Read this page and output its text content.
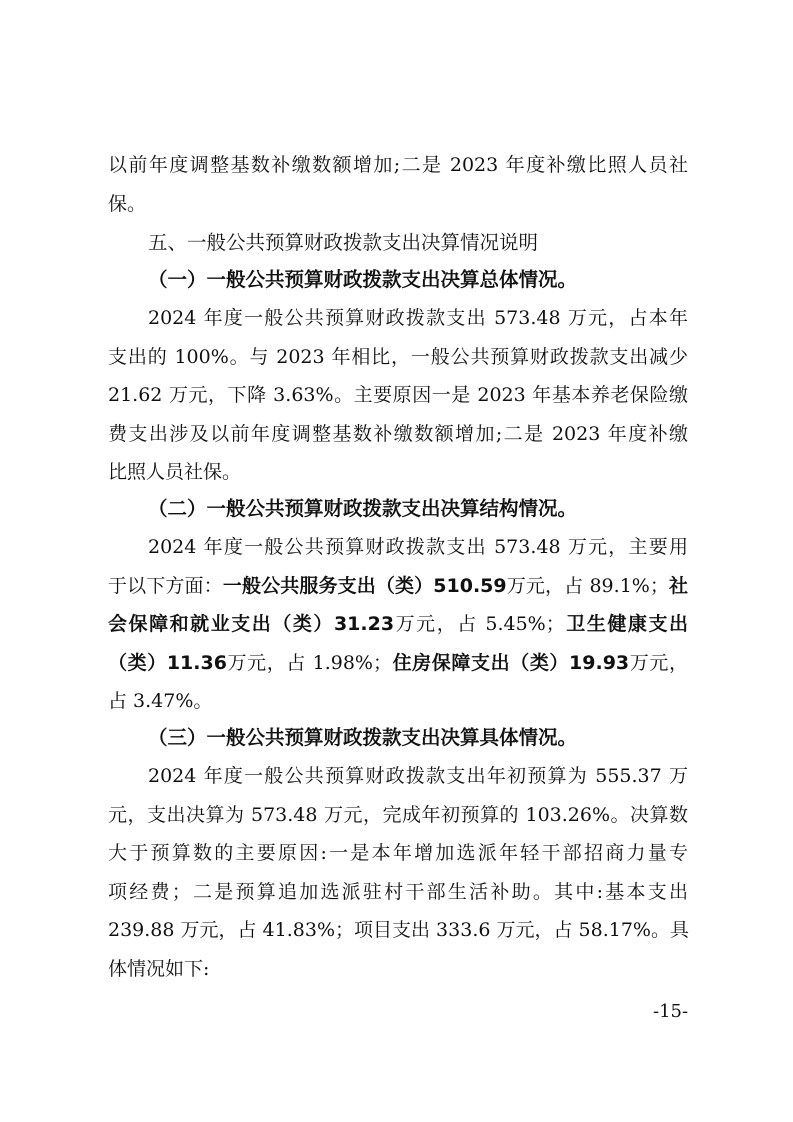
以前年度调整基数补缴数额增加;二是 2023 年度补缴比照人员社
保。
五、一般公共预算财政拨款支出决算情况说明
（一）一般公共预算财政拨款支出决算总体情况。
2024 年度一般公共预算财政拨款支出 573.48 万元，占本年
支出的 100%。与 2023 年相比，一般公共预算财政拨款支出减少
21.62 万元，下降 3.63%。主要原因一是 2023 年基本养老保险缴
费支出涉及以前年度调整基数补缴数额增加;二是 2023 年度补缴
比照人员社保。
（二）一般公共预算财政拨款支出决算结构情况。
2024 年度一般公共预算财政拨款支出 573.48 万元，主要用
于以下方面：一般公共服务支出（类）510.59万元，占 89.1%；社
会保障和就业支出（类）31.23万元，占 5.45%；卫生健康支出
（类）11.36万元，占 1.98%；住房保障支出（类）19.93万元，
占 3.47%。
（三）一般公共预算财政拨款支出决算具体情况。
2024 年度一般公共预算财政拨款支出年初预算为 555.37 万
元，支出决算为 573.48 万元，完成年初预算的 103.26%。决算数
大于预算数的主要原因:一是本年增加选派年轻干部招商力量专
项经费；二是预算追加选派驻村干部生活补助。其中:基本支出
239.88 万元，占 41.83%；项目支出 333.6 万元，占 58.17%。具
体情况如下:
-15-
